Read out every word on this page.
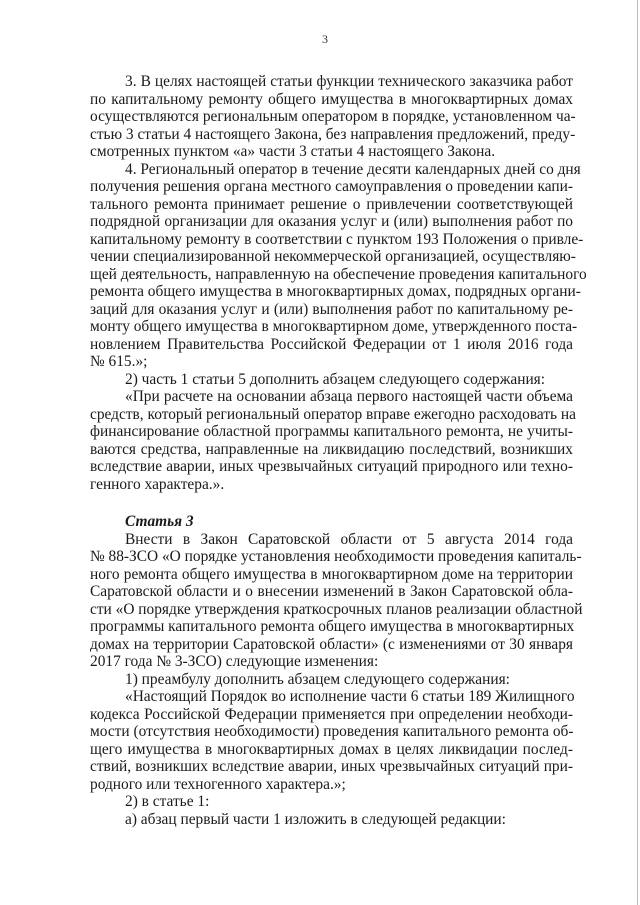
3
3. В целях настоящей статьи функции технического заказчика работ
по капитальному ремонту общего имущества в многоквартирных домах
осуществляются региональным оператором в порядке, установленном ча-
стью 3 статьи 4 настоящего Закона, без направления предложений, преду-
смотренных пунктом «а» части 3 статьи 4 настоящего Закона.
4. Региональный оператор в течение десяти календарных дней со дня
получения решения органа местного самоуправления о проведении капи-
тального ремонта принимает решение о привлечении соответствующей
подрядной организации для оказания услуг и (или) выполнения работ по
капитальному ремонту в соответствии с пунктом 193 Положения о привле-
чении специализированной некоммерческой организацией, осуществляю-
щей деятельность, направленную на обеспечение проведения капитального
ремонта общего имущества в многоквартирных домах, подрядных органи-
заций для оказания услуг и (или) выполнения работ по капитальному ре-
монту общего имущества в многоквартирном доме, утвержденного поста-
новлением Правительства Российской Федерации от 1 июля 2016 года
№ 615.»;
2) часть 1 статьи 5 дополнить абзацем следующего содержания:
«При расчете на основании абзаца первого настоящей части объема
средств, который региональный оператор вправе ежегодно расходовать на
финансирование областной программы капитального ремонта, не учиты-
ваются средства, направленные на ликвидацию последствий, возникших
вследствие аварии, иных чрезвычайных ситуаций природного или техно-
генного характера.».
Статья 3
Внести в Закон Саратовской области от 5 августа 2014 года
№ 88-ЗСО «О порядке установления необходимости проведения капиталь-
ного ремонта общего имущества в многоквартирном доме на территории
Саратовской области и о внесении изменений в Закон Саратовской обла-
сти «О порядке утверждения краткосрочных планов реализации областной
программы капитального ремонта общего имущества в многоквартирных
домах на территории Саратовской области» (с изменениями от 30 января
2017 года № 3-ЗСО) следующие изменения:
1) преамбулу дополнить абзацем следующего содержания:
«Настоящий Порядок во исполнение части 6 статьи 189 Жилищного
кодекса Российской Федерации применяется при определении необходи-
мости (отсутствия необходимости) проведения капитального ремонта об-
щего имущества в многоквартирных домах в целях ликвидации послед-
ствий, возникших вследствие аварии, иных чрезвычайных ситуаций при-
родного или техногенного характера.»;
2) в статье 1:
а) абзац первый части 1 изложить в следующей редакции:
